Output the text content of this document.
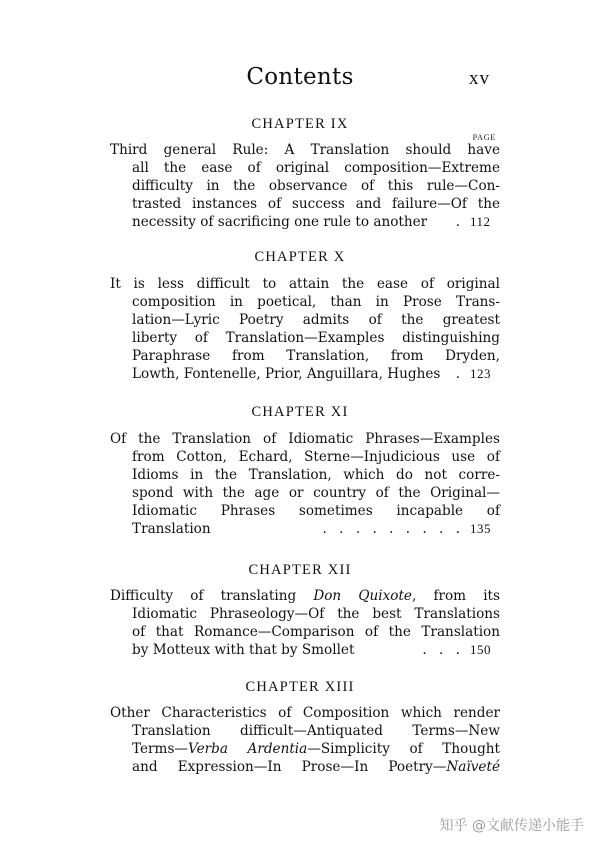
Contents	xv
CHAPTER IX
PAGE
Third general Rule: A Translation should have
all the ease of original composition—Extreme
difficulty in the observance of this rule—Con-
trasted instances of success and failure—Of the
necessity of sacrificing one rule to another	. 112
CHAPTER X
It is less difficult to attain the ease of original
composition in poetical, than in Prose Trans-
lation—Lyric Poetry admits of the greatest
liberty of Translation—Examples distinguishing
Paraphrase from Translation, from Dryden,
Lowth, Fontenelle, Prior, Anguillara, Hughes	. 123
CHAPTER XI
Of the Translation of Idiomatic Phrases—Examples
from Cotton, Echard, Sterne—Injudicious use of
Idioms in the Translation, which do not corre-
spond with the age or country of the Original—
Idiomatic Phrases sometimes incapable of
Translation	. . . . . . . . . 135
CHAPTER XII
Difficulty of translating Don Quixote, from its
Idiomatic Phraseology—Of the best Translations
of that Romance—Comparison of the Translation
by Motteux with that by Smollet	. . . 150
CHAPTER XIII
Other Characteristics of Composition which render
Translation difficult—Antiquated Terms—New
Terms—Verba Ardentia—Simplicity of Thought
and Expression—In Prose—In Poetry—Naïveté
知乎 @文献传递小能手
